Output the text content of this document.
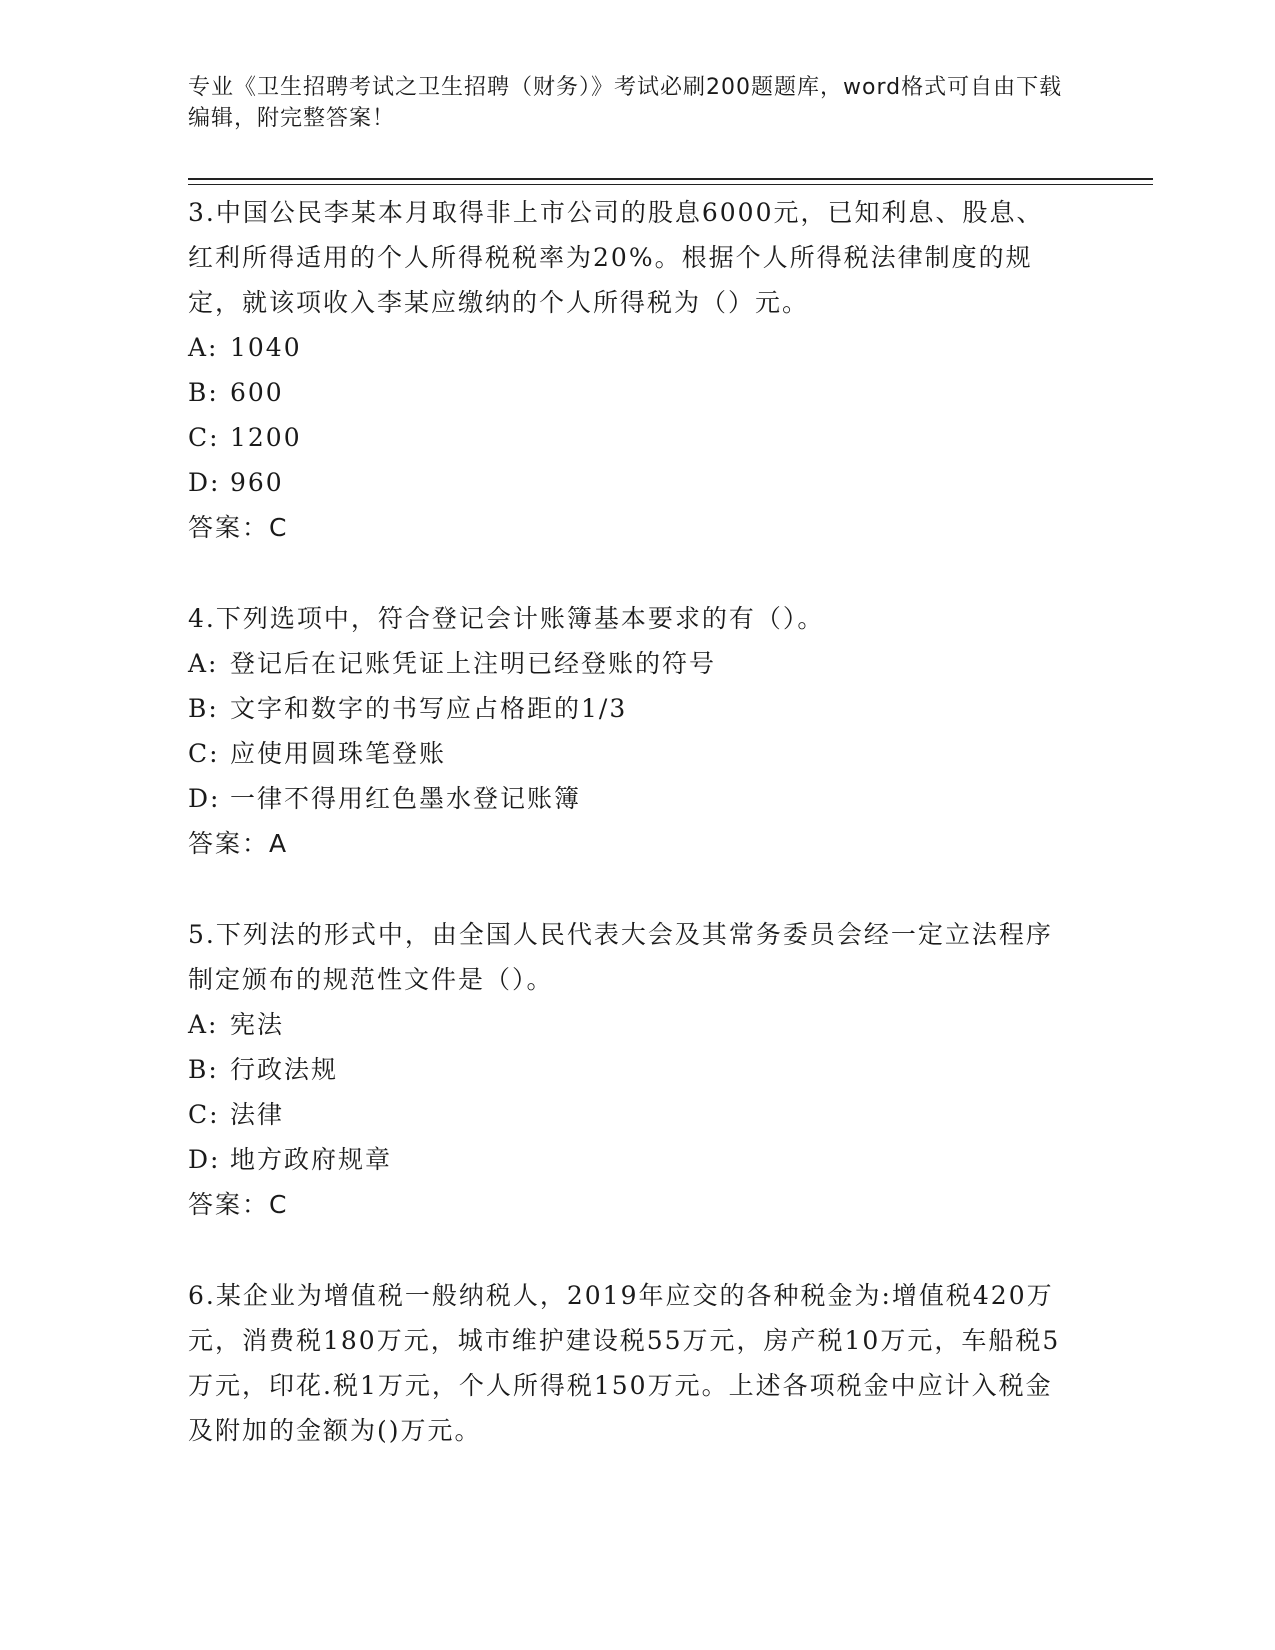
专业《卫生招聘考试之卫生招聘（财务）》考试必刷200题题库，word格式可自由下载编辑，附完整答案！

3.中国公民李某本月取得非上市公司的股息6000元，已知利息、股息、红利所得适用的个人所得税税率为20%。根据个人所得税法律制度的规定，就该项收入李某应缴纳的个人所得税为（）元。

A: 1040
B: 600
C: 1200
D: 960
答案：C

4.下列选项中，符合登记会计账簿基本要求的有（）。

A: 登记后在记账凭证上注明已经登账的符号
B: 文字和数字的书写应占格距的1/3
C: 应使用圆珠笔登账
D: 一律不得用红色墨水登记账簿
答案：A

5.下列法的形式中，由全国人民代表大会及其常务委员会经一定立法程序制定颁布的规范性文件是（）。

A: 宪法
B: 行政法规
C: 法律
D: 地方政府规章
答案：C

6.某企业为增值税一般纳税人，2019年应交的各种税金为:增值税420万元，消费税180万元，城市维护建设税55万元，房产税10万元，车船税5万元，印花.税1万元，个人所得税150万元。上述各项税金中应计入税金及附加的金额为()万元。
